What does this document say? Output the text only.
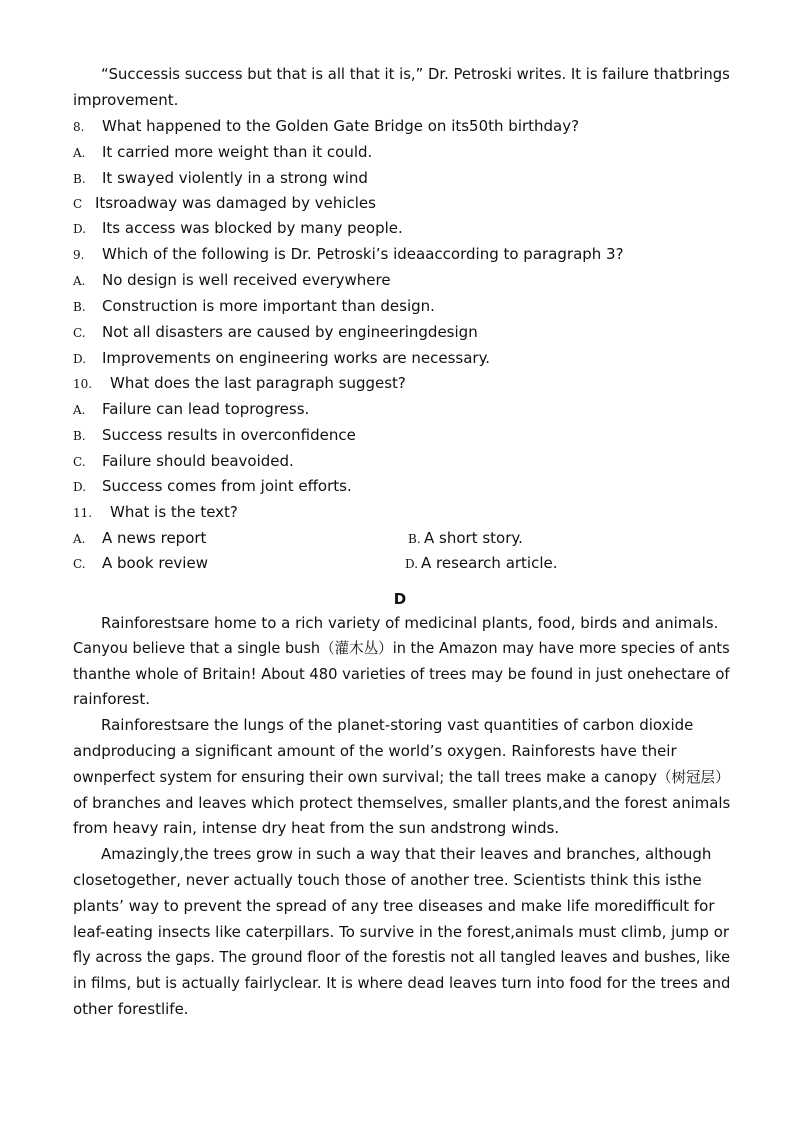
“Successis success but that is all that it is,” Dr. Petroski writes. It is failure thatbrings
improvement.
8. What happened to the Golden Gate Bridge on its50th birthday?
A. It carried more weight than it could.
B. It swayed violently in a strong wind
C Itsroadway was damaged by vehicles
D. Its access was blocked by many people.
9. Which of the following is Dr. Petroski’s ideaaccording to paragraph 3?
A. No design is well received everywhere
B. Construction is more important than design.
C. Not all disasters are caused by engineeringdesign
D. Improvements on engineering works are necessary.
10. What does the last paragraph suggest?
A. Failure can lead toprogress.
B. Success results in overconfidence
C. Failure should beavoided.
D. Success comes from joint efforts.
11. What is the text?
A. A news report	B. A short story.
C. A book review	D. A research article.
D
Rainforestsare home to a rich variety of medicinal plants, food, birds and animals.
Canyou believe that a single bush（灌木丛）in the Amazon may have more species of ants
thanthe whole of Britain! About 480 varieties of trees may be found in just onehectare of
rainforest.
Rainforestsare the lungs of the planet-storing vast quantities of carbon dioxide
andproducing a significant amount of the world’s oxygen. Rainforests have their
ownperfect system for ensuring their own survival; the tall trees make a canopy（树冠层）
of branches and leaves which protect themselves, smaller plants,and the forest animals
from heavy rain, intense dry heat from the sun andstrong winds.
Amazingly,the trees grow in such a way that their leaves and branches, although
closetogether, never actually touch those of another tree. Scientists think this isthe
plants’ way to prevent the spread of any tree diseases and make life moredifficult for
leaf-eating insects like caterpillars. To survive in the forest,animals must climb, jump or
fly across the gaps. The ground floor of the forestis not all tangled leaves and bushes, like
in films, but is actually fairlyclear. It is where dead leaves turn into food for the trees and
other forestlife.
